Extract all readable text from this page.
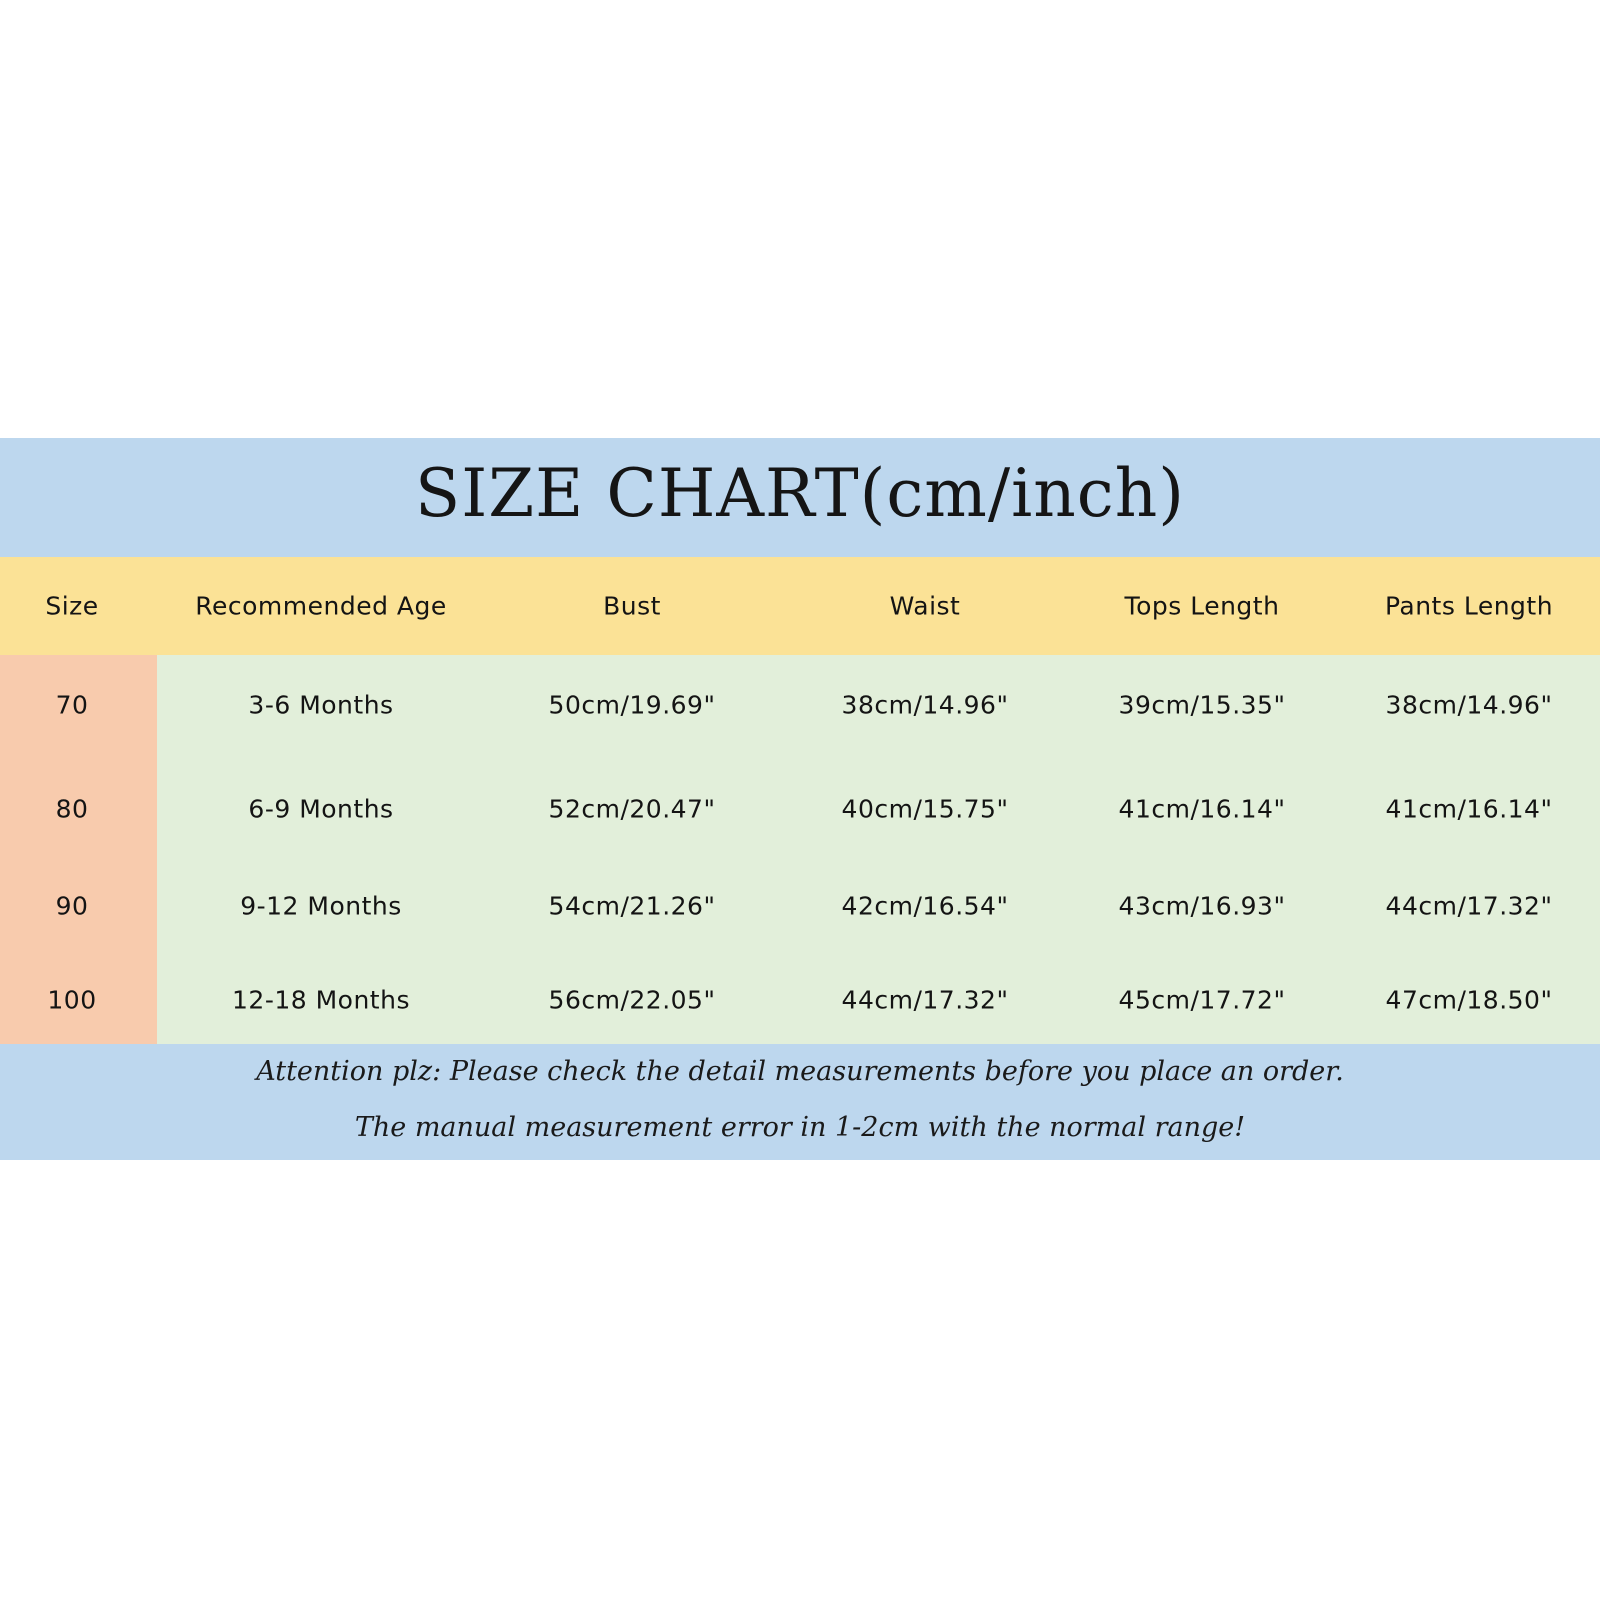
SIZE CHART(cm/inch)
Attention plz: Please check the detail measurements before you place an order.
The manual measurement error in 1-2cm with the normal range!
Size	Recommended Age	Bust	Waist	Tops Length	Pants Length
70	3-6 Months	50cm/19.69"	38cm/14.96"	39cm/15.35"	38cm/14.96"
80	6-9 Months	52cm/20.47"	40cm/15.75"	41cm/16.14"	41cm/16.14"
90	9-12 Months	54cm/21.26"	42cm/16.54"	43cm/16.93"	44cm/17.32"
100	12-18 Months	56cm/22.05"	44cm/17.32"	45cm/17.72"	47cm/18.50"
